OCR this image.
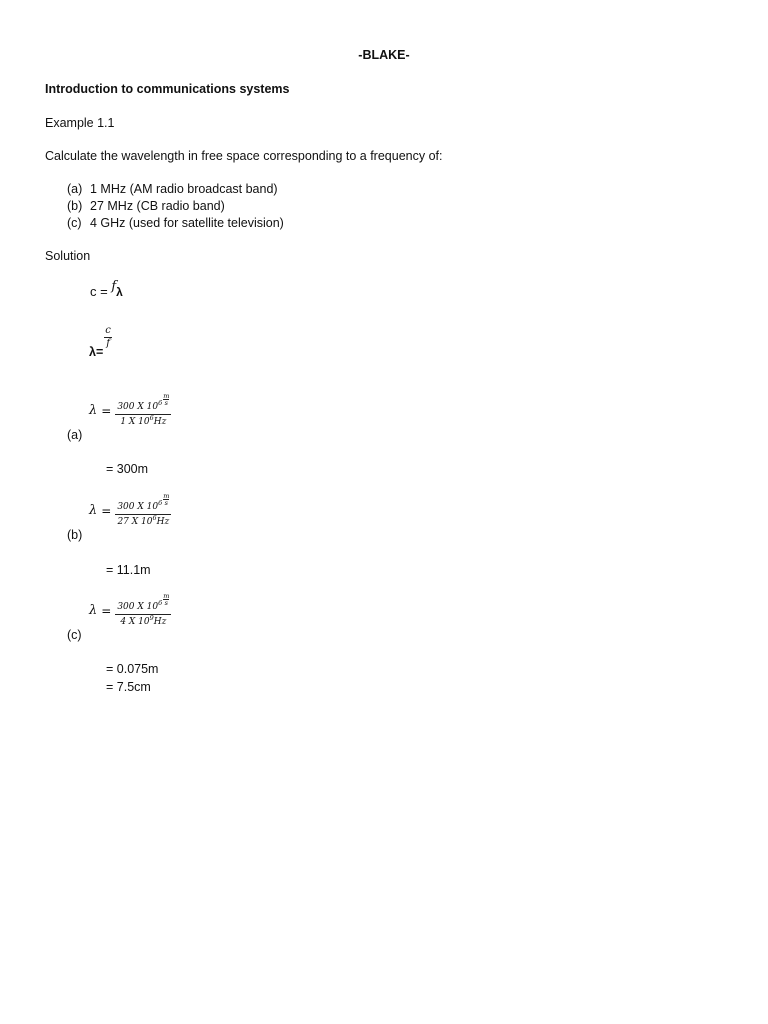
-BLAKE-
Introduction to communications systems
Example 1.1
Calculate the wavelength in free space corresponding to a frequency of:
(a) 1 MHz (AM radio broadcast band)
(b) 27 MHz (CB radio band)
(c) 4 GHz (used for satellite television)
Solution
c = fλ
λ=
$\frac{c}{f}$
$\lambda = \frac{300 X 10^6 \frac{m}{s}}{1 X 10^6Hz}$
(a)
= 300m
$\lambda = \frac{300 X 10^6 \frac{m}{s}}{27 X 10^6Hz}$
(b)
= 11.1m
$\lambda = \frac{300 X 10^6 \frac{m}{s}}{4 X 10^9Hz}$
(c)
= 0.075m
= 7.5cm
